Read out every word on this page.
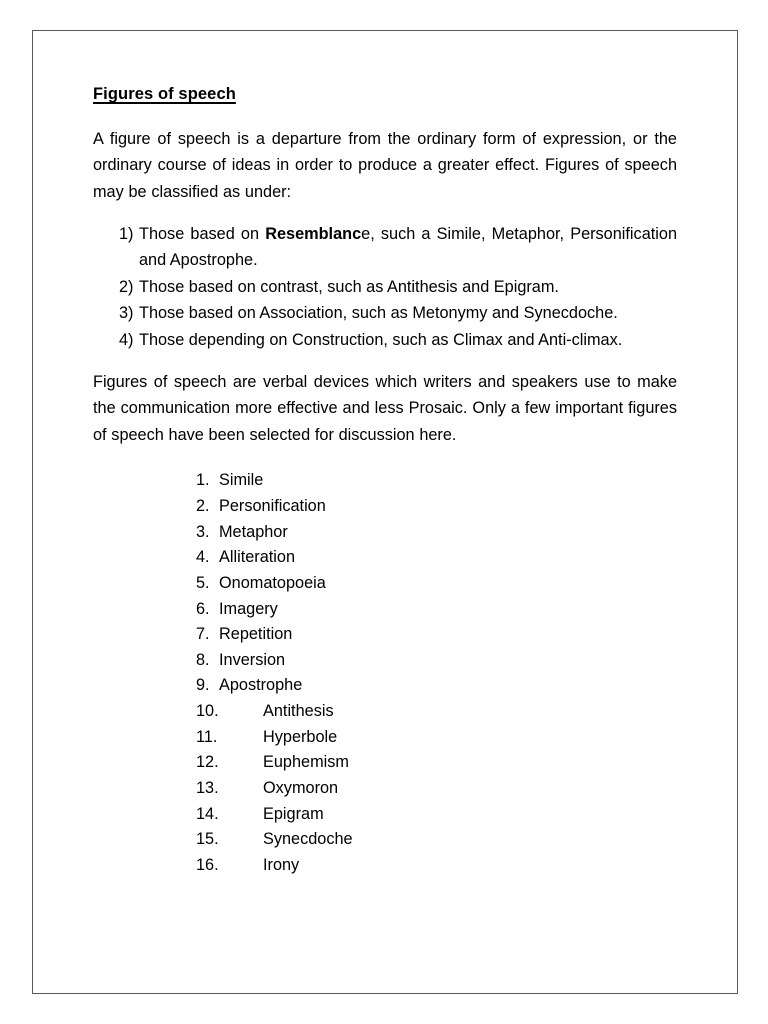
Figures of speech

A figure of speech is a departure from the ordinary form of expression, or the ordinary course of ideas in order to produce a greater effect. Figures of speech may be classified as under:

1) Those based on Resemblance, such a Simile, Metaphor, Personification and Apostrophe.
2) Those based on contrast, such as Antithesis and Epigram.
3) Those based on Association, such as Metonymy and Synecdoche.
4) Those depending on Construction, such as Climax and Anti-climax.

Figures of speech are verbal devices which writers and speakers use to make the communication more effective and less Prosaic. Only a few important figures of speech have been selected for discussion here.

1. Simile
2. Personification
3. Metaphor
4. Alliteration
5. Onomatopoeia
6. Imagery
7. Repetition
8. Inversion
9. Apostrophe
10.	Antithesis
11.	Hyperbole
12.	Euphemism
13.	Oxymoron
14.	Epigram
15.	Synecdoche
16.	Irony
